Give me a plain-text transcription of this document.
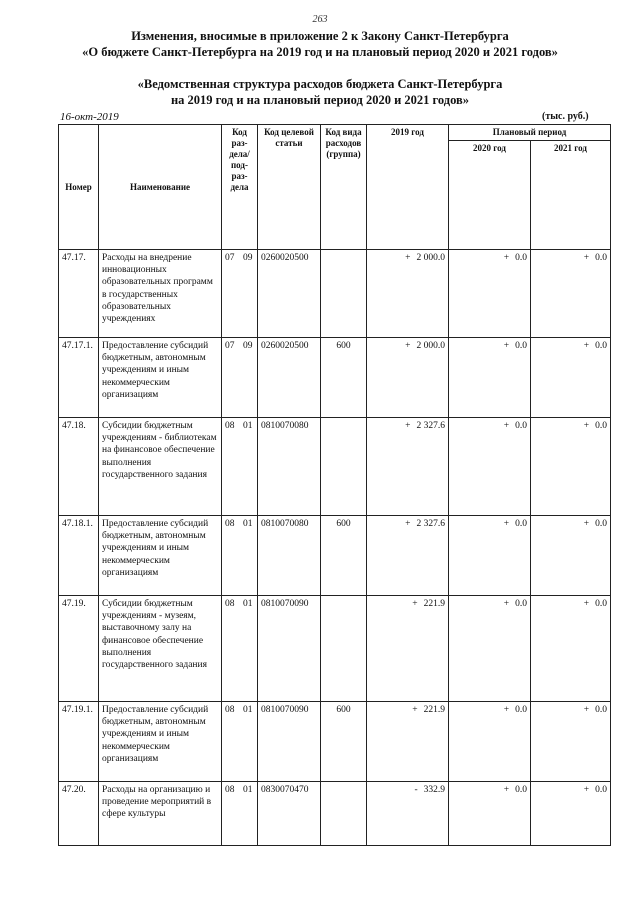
263
Изменения, вносимые в приложение 2 к Закону Санкт-Петербурга
«О бюджете Санкт-Петербурга на 2019 год и на плановый период 2020 и 2021 годов»
«Ведомственная структура расходов бюджета Санкт-Петербурга
на 2019 год и на плановый период 2020 и 2021 годов»
16-окт-2019	(тыс. руб.)
Номер	Наименование	Код раз- дела/ под- раз- дела	Код целевой статьи	Код вида расходов (группа)	2019 год	Плановый период	
						2020 год	2021 год
47.17.	Расходы на внедрение инновационных образовательных программ в государственных образовательных учреждениях	07 09	0260020500		+ 2 000.0	+ 0.0	+ 0.0
47.17.1.	Предоставление субсидий бюджетным, автономным учреждениям и иным некоммерческим организациям	07 09	0260020500	600	+ 2 000.0	+ 0.0	+ 0.0
47.18.	Субсидии бюджетным учреждениям - библиотекам на финансовое обеспечение выполнения государственного задания	08 01	0810070080		+ 2 327.6	+ 0.0	+ 0.0
47.18.1.	Предоставление субсидий бюджетным, автономным учреждениям и иным некоммерческим организациям	08 01	0810070080	600	+ 2 327.6	+ 0.0	+ 0.0
47.19.	Субсидии бюджетным учреждениям - музеям, выставочному залу на финансовое обеспечение выполнения государственного задания	08 01	0810070090		+ 221.9	+ 0.0	+ 0.0
47.19.1.	Предоставление субсидий бюджетным, автономным учреждениям и иным некоммерческим организациям	08 01	0810070090	600	+ 221.9	+ 0.0	+ 0.0
47.20.	Расходы на организацию и проведение мероприятий в сфере культуры	08 01	0830070470		- 332.9	+ 0.0	+ 0.0
